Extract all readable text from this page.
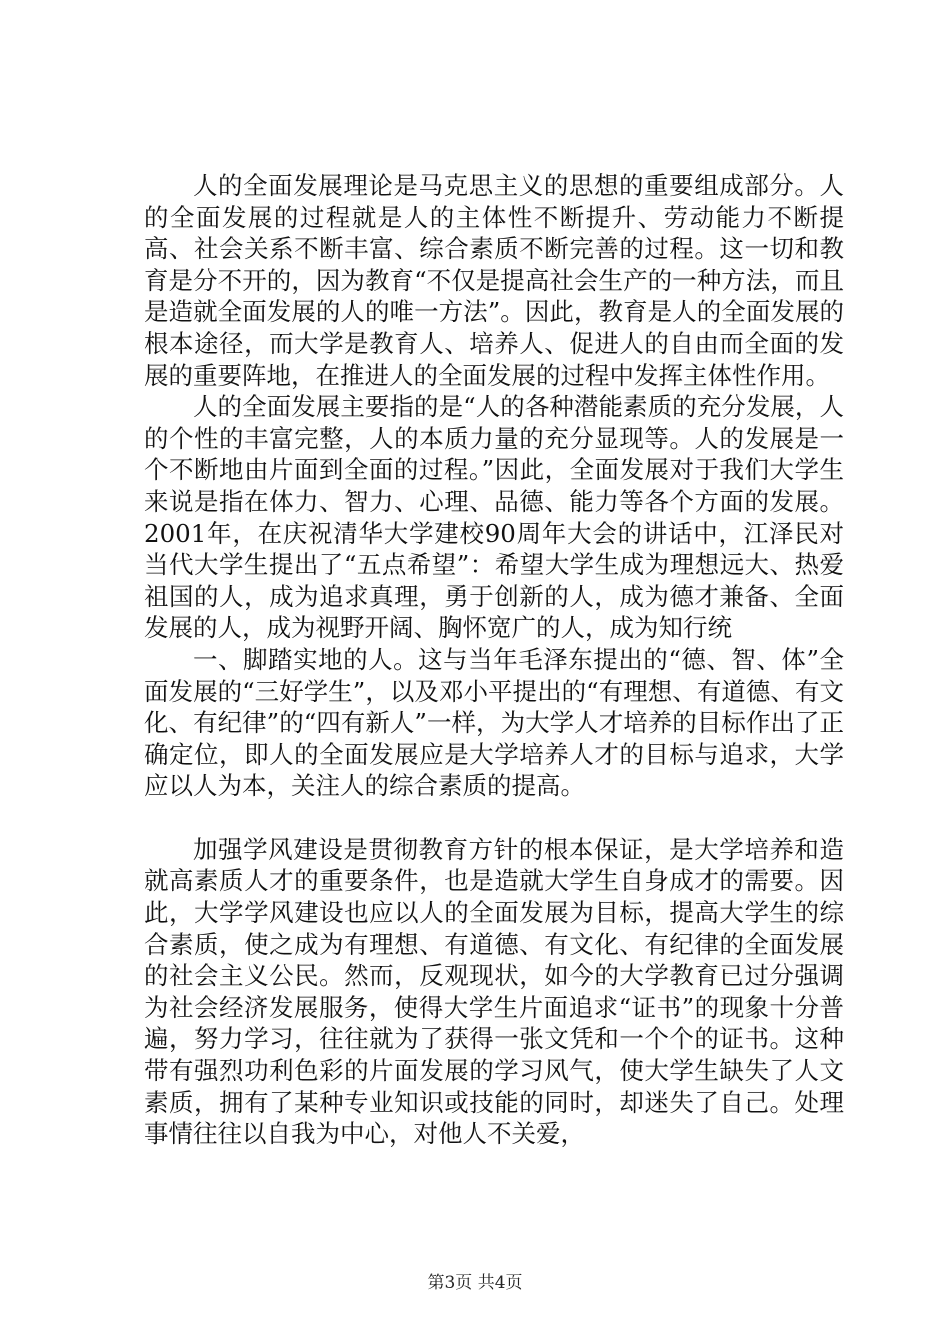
人的全面发展理论是马克思主义的思想的重要组成部分。人的全面发展的过程就是人的主体性不断提升、劳动能力不断提高、社会关系不断丰富、综合素质不断完善的过程。这一切和教育是分不开的，因为教育“不仅是提高社会生产的一种方法，而且是造就全面发展的人的唯一方法”。因此，教育是人的全面发展的根本途径，而大学是教育人、培养人、促进人的自由而全面的发展的重要阵地，在推进人的全面发展的过程中发挥主体性作用。

人的全面发展主要指的是“人的各种潜能素质的充分发展，人的个性的丰富完整，人的本质力量的充分显现等。人的发展是一个不断地由片面到全面的过程。”因此，全面发展对于我们大学生来说是指在体力、智力、心理、品德、能力等各个方面的发展。2001年，在庆祝清华大学建校90周年大会的讲话中，江泽民对当代大学生提出了“五点希望”：希望大学生成为理想远大、热爱祖国的人，成为追求真理，勇于创新的人，成为德才兼备、全面发展的人，成为视野开阔、胸怀宽广的人，成为知行统

一、脚踏实地的人。这与当年毛泽东提出的“德、智、体”全面发展的“三好学生”，以及邓小平提出的“有理想、有道德、有文化、有纪律”的“四有新人”一样，为大学人才培养的目标作出了正确定位，即人的全面发展应是大学培养人才的目标与追求，大学应以人为本，关注人的综合素质的提高。

加强学风建设是贯彻教育方针的根本保证，是大学培养和造就高素质人才的重要条件，也是造就大学生自身成才的需要。因此，大学学风建设也应以人的全面发展为目标，提高大学生的综合素质，使之成为有理想、有道德、有文化、有纪律的全面发展的社会主义公民。然而，反观现状，如今的大学教育已过分强调为社会经济发展服务，使得大学生片面追求“证书”的现象十分普遍，努力学习，往往就为了获得一张文凭和一个个的证书。这种带有强烈功利色彩的片面发展的学习风气，使大学生缺失了人文素质，拥有了某种专业知识或技能的同时，却迷失了自己。处理事情往往以自我为中心，对他人不关爱，

第3页 共4页
